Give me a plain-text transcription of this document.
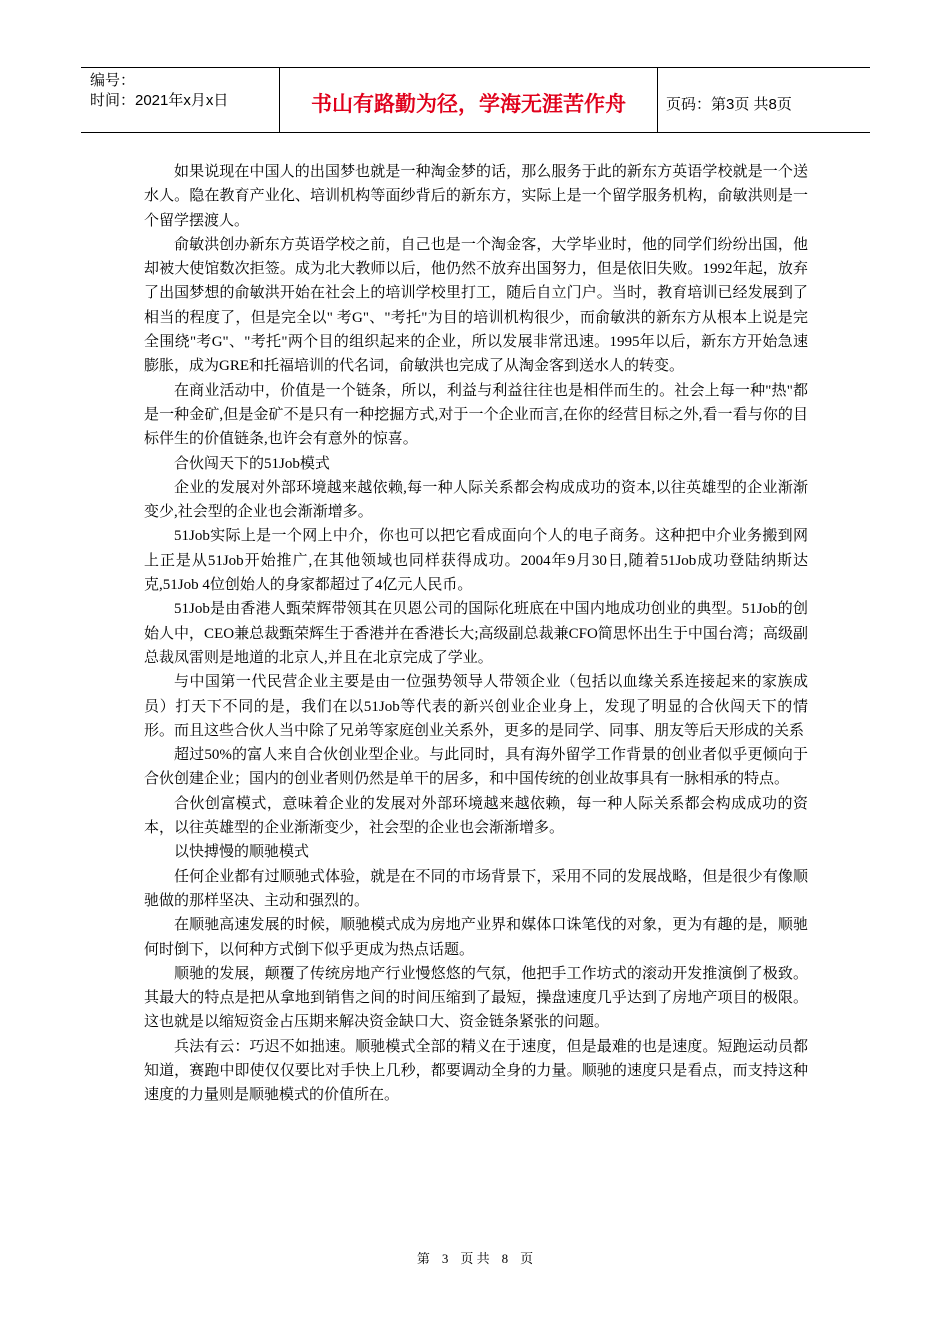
编号：
时间：2021年x月x日	书山有路勤为径，学海无涯苦作舟	页码：第3页 共8页

如果说现在中国人的出国梦也就是一种淘金梦的话，那么服务于此的新东方英语学校就是一个送水人。隐在教育产业化、培训机构等面纱背后的新东方，实际上是一个留学服务机构，俞敏洪则是一个留学摆渡人。

俞敏洪创办新东方英语学校之前，自己也是一个淘金客，大学毕业时，他的同学们纷纷出国，他却被大使馆数次拒签。成为北大教师以后，他仍然不放弃出国努力，但是依旧失败。1992年起，放弃了出国梦想的俞敏洪开始在社会上的培训学校里打工，随后自立门户。当时，教育培训已经发展到了相当的程度了，但是完全以" 考G"、"考托"为目的培训机构很少，而俞敏洪的新东方从根本上说是完全围绕"考G"、"考托"两个目的组织起来的企业，所以发展非常迅速。1995年以后，新东方开始急速膨胀，成为GRE和托福培训的代名词，俞敏洪也完成了从淘金客到送水人的转变。

在商业活动中，价值是一个链条，所以，利益与利益往往也是相伴而生的。社会上每一种"热"都是一种金矿,但是金矿不是只有一种挖掘方式,对于一个企业而言,在你的经营目标之外,看一看与你的目标伴生的价值链条,也许会有意外的惊喜。

合伙闯天下的51Job模式

企业的发展对外部环境越来越依赖,每一种人际关系都会构成成功的资本,以往英雄型的企业渐渐变少,社会型的企业也会渐渐增多。

51Job实际上是一个网上中介，你也可以把它看成面向个人的电子商务。这种把中介业务搬到网上正是从51Job开始推广,在其他领域也同样获得成功。2004年9月30日,随着51Job成功登陆纳斯达克,51Job 4位创始人的身家都超过了4亿元人民币。

51Job是由香港人甄荣辉带领其在贝恩公司的国际化班底在中国内地成功创业的典型。51Job的创始人中，CEO兼总裁甄荣辉生于香港并在香港长大;高级副总裁兼CFO简思怀出生于中国台湾；高级副总裁凤雷则是地道的北京人,并且在北京完成了学业。

与中国第一代民营企业主要是由一位强势领导人带领企业（包括以血缘关系连接起来的家族成员）打天下不同的是，我们在以51Job等代表的新兴创业企业身上，发现了明显的合伙闯天下的情形。而且这些合伙人当中除了兄弟等家庭创业关系外，更多的是同学、同事、朋友等后天形成的关系

超过50%的富人来自合伙创业型企业。与此同时，具有海外留学工作背景的创业者似乎更倾向于合伙创建企业；国内的创业者则仍然是单干的居多，和中国传统的创业故事具有一脉相承的特点。

合伙创富模式，意味着企业的发展对外部环境越来越依赖，每一种人际关系都会构成成功的资本，以往英雄型的企业渐渐变少，社会型的企业也会渐渐增多。

以快搏慢的顺驰模式

任何企业都有过顺驰式体验，就是在不同的市场背景下，采用不同的发展战略，但是很少有像顺驰做的那样坚决、主动和强烈的。

在顺驰高速发展的时候，顺驰模式成为房地产业界和媒体口诛笔伐的对象，更为有趣的是，顺驰何时倒下，以何种方式倒下似乎更成为热点话题。

顺驰的发展，颠覆了传统房地产行业慢悠悠的气氛，他把手工作坊式的滚动开发推演倒了极致。其最大的特点是把从拿地到销售之间的时间压缩到了最短，操盘速度几乎达到了房地产项目的极限。这也就是以缩短资金占压期来解决资金缺口大、资金链条紧张的问题。

兵法有云：巧迟不如拙速。顺驰模式全部的精义在于速度，但是最难的也是速度。短跑运动员都知道，赛跑中即使仅仅要比对手快上几秒，都要调动全身的力量。顺驰的速度只是看点，而支持这种速度的力量则是顺驰模式的价值所在。

第 3 页 共 8 页
